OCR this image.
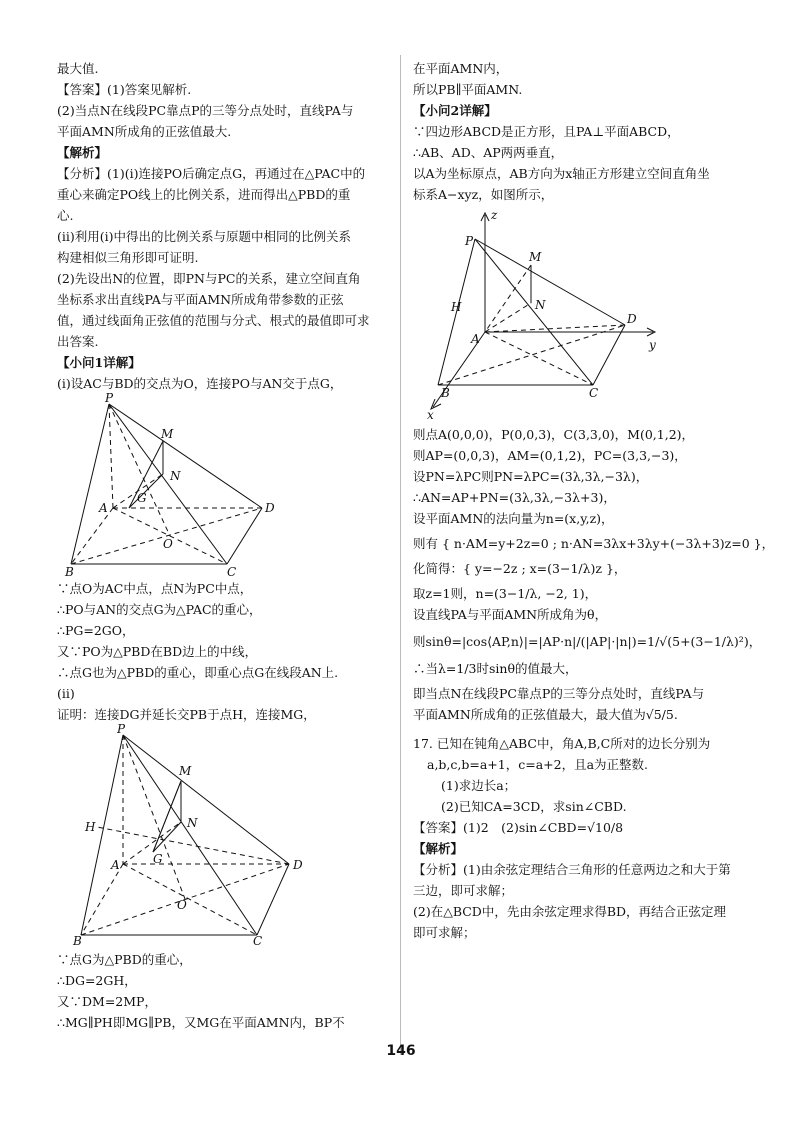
最大值.
【答案】(1)答案见解析.
(2)当点N在线段PC靠点P的三等分点处时，直线PA与
平面AMN所成角的正弦值最大.
【解析】
【分析】(1)(i)连接PO后确定点G，再通过在△PAC中的
重心来确定PO线上的比例关系，进而得出△PBD的重
心.
(ii)利用(i)中得出的比例关系与原题中相同的比例关系
构建相似三角形即可证明.
(2)先设出N的位置，即PN与PC的关系，建立空间直角
坐标系求出直线PA与平面AMN所成角带参数的正弦
值，通过线面角正弦值的范围与分式、根式的最值即可求
出答案.
【小问1详解】
(i)设AC与BD的交点为O，连接PO与AN交于点G，
P
M
N
A
G
D
O
B	C
∵点O为AC中点，点N为PC中点，
∴PO与AN的交点G为△PAC的重心，
∴PG=2GO，
又∵PO为△PBD在BD边上的中线，
∴点G也为△PBD的重心，即重心点G在线段AN上.
(ii)
证明：连接DG并延长交PB于点H，连接MG，
P
M
N
H
A	G	D
O
B	C
∵点G为△PBD的重心，
∴DG=2GH，
又∵DM=2MP，
∴MG∥PH即MG∥PB，又MG在平面AMN内，BP不
在平面AMN内，
所以PB∥平面AMN.
【小问2详解】
∵四边形ABCD是正方形，且PA⊥平面ABCD，
∴AB、AD、AP两两垂直，
以A为坐标原点，AB方向为x轴正方形建立空间直角坐
标系A−xyz，如图所示，
z
P
M
H	N
D
A	y
B	C
x
则点A(0,0,0)，P(0,0,3)，C(3,3,0)，M(0,1,2)，
则AP=(0,0,3)，AM=(0,1,2)，PC=(3,3,−3)，
设PN=λPC则PN=λPC=(3λ,3λ,−3λ)，
∴AN=AP+PN=(3λ,3λ,−3λ+3)，
设平面AMN的法向量为n=(x,y,z)，
则有 { n·AM=y+2z=0 ; n·AN=3λx+3λy+(−3λ+3)z=0 }，
化简得：{ y=−2z ; x=(3−1/λ)z }，
取z=1则，n=(3−1/λ, −2, 1)，
设直线PA与平面AMN所成角为θ，
则sinθ=|cos⟨AP,n⟩|=|AP·n|/(|AP|·|n|)=1/√(5+(3−1/λ)²)，
∴当λ=1/3时sinθ的值最大，
即当点N在线段PC靠点P的三等分点处时，直线PA与
平面AMN所成角的正弦值最大，最大值为√5/5.
17. 已知在钝角△ABC中，角A,B,C所对的边长分别为
a,b,c,b=a+1，c=a+2，且a为正整数.
(1)求边长a；
(2)已知CA=3CD，求sin∠CBD.
【答案】(1)2　(2)sin∠CBD=√10/8
【解析】
【分析】(1)由余弦定理结合三角形的任意两边之和大于第
三边，即可求解；
(2)在△BCD中，先由余弦定理求得BD，再结合正弦定理
即可求解；
146
